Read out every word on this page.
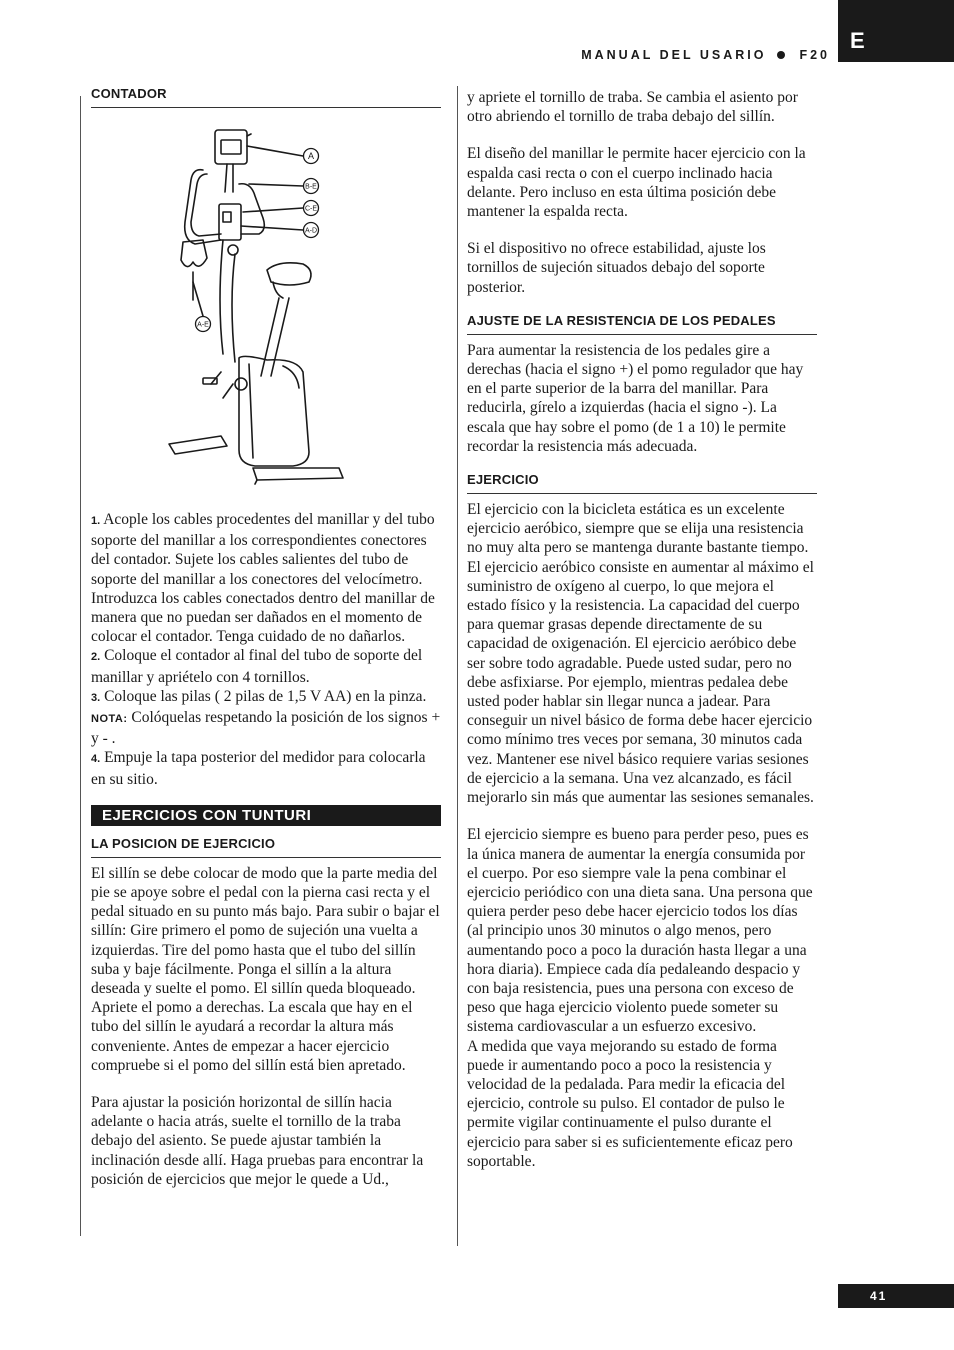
E
MANUAL DEL USARIO	F20
CONTADOR
A
B-E
C-E
A-D
A-E

1. Acople los cables procedentes del manillar y del tubo soporte del manillar a los correspondientes conectores del contador. Sujete los cables salientes del tubo de soporte del manillar a los conectores del velocímetro. Introduzca los cables conectados dentro del manillar de manera que no puedan ser dañados en el momento de colocar el contador. Tenga cuidado de no dañarlos.

2. Coloque el contador al final del tubo de soporte del manillar y apriételo con 4 tornillos.

3. Coloque las pilas ( 2 pilas de 1,5 V AA) en la pinza. NOTA: Colóquelas respetando la posición de los signos + y - .

4. Empuje la tapa posterior del medidor para colocarla en su sitio.

EJERCICIOS CON TUNTURI
LA POSICION DE EJERCICIO

El sillín se debe colocar de modo que la parte media del pie se apoye sobre el pedal con la pierna casi recta y el pedal situado en su punto más bajo. Para subir o bajar el sillín: Gire primero el pomo de sujeción una vuelta a izquierdas. Tire del pomo hasta que el tubo del sillín suba y baje fácilmente. Ponga el sillín a la altura deseada y suelte el pomo. El sillín queda bloqueado. Apriete el pomo a derechas. La escala que hay en el tubo del sillín le ayudará a recordar la altura más conveniente. Antes de empezar a hacer ejercicio compruebe si el pomo del sillín está bien apretado.

Para ajustar la posición horizontal de sillín hacia adelante o hacia atrás, suelte el tornillo de la traba debajo del asiento. Se puede ajustar también la inclinación desde allí. Haga pruebas para encontrar la posición de ejercicios que mejor le quede a Ud.,

y apriete el tornillo de traba. Se cambia el asiento por otro abriendo el tornillo de traba debajo del sillín.

El diseño del manillar le permite hacer ejercicio con la espalda casi recta o con el cuerpo inclinado hacia delante. Pero incluso en esta última posición debe mantener la espalda recta.

Si el dispositivo no ofrece estabilidad, ajuste los tornillos de sujeción situados debajo del soporte posterior.

AJUSTE DE LA RESISTENCIA DE LOS PEDALES

Para aumentar la resistencia de los pedales gire a derechas (hacia el signo +) el pomo regulador que hay en el parte superior de la barra del manillar. Para reducirla, gírelo a izquierdas (hacia el signo -). La escala que hay sobre el pomo (de 1 a 10) le permite recordar la resistencia más adecuada.

EJERCICIO

El ejercicio con la bicicleta estática es un excelente ejercicio aeróbico, siempre que se elija una resistencia no muy alta pero se mantenga durante bastante tiempo. El ejercicio aeróbico consiste en aumentar al máximo el suministro de oxígeno al cuerpo, lo que mejora el estado físico y la resistencia. La capacidad del cuerpo para quemar grasas depende directamente de su capacidad de oxigenación. El ejercicio aeróbico debe ser sobre todo agradable. Puede usted sudar, pero no debe asfixiarse. Por ejemplo, mientras pedalea debe usted poder hablar sin llegar nunca a jadear. Para conseguir un nivel básico de forma debe hacer ejercicio como mínimo tres veces por semana, 30 minutos cada vez. Mantener ese nivel básico requiere varias sesiones de ejercicio a la semana. Una vez alcanzado, es fácil mejorarlo sin más que aumentar las sesiones semanales.

El ejercicio siempre es bueno para perder peso, pues es la única manera de aumentar la energía consumida por el cuerpo. Por eso siempre vale la pena combinar el ejercicio periódico con una dieta sana. Una persona que quiera perder peso debe hacer ejercicio todos los días (al principio unos 30 minutos o algo menos, pero aumentando poco a poco la duración hasta llegar a una hora diaria). Empiece cada día pedaleando despacio y con baja resistencia, pues una persona con exceso de peso que haga ejercicio violento puede someter su sistema cardiovascular a un esfuerzo excesivo.

A medida que vaya mejorando su estado de forma puede ir aumentando poco a poco la resistencia y velocidad de la pedalada. Para medir la eficacia del ejercicio, controle su pulso. El contador de pulso le permite vigilar continuamente el pulso durante el ejercicio para saber si es suficientemente eficaz pero soportable.

41
